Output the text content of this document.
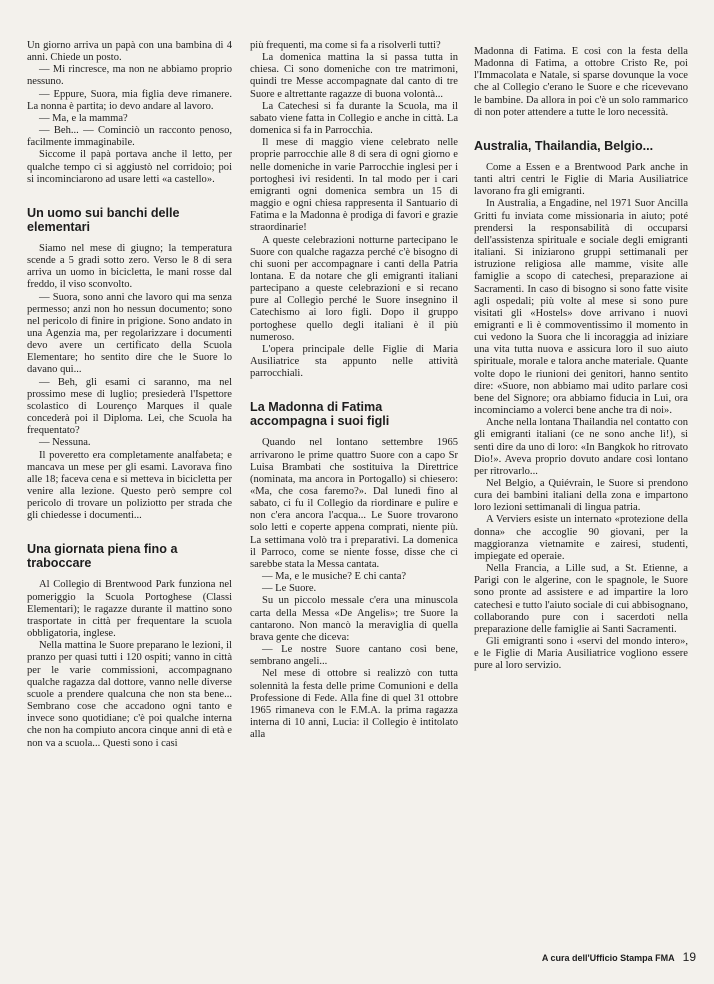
Un giorno arriva un papà con una bambina di 4 anni. Chiede un posto.

— Mi rincresce, ma non ne abbiamo proprio nessuno.

— Eppure, Suora, mia figlia deve rimanere. La nonna è partita; io devo andare al lavoro.

— Ma, e la mamma?

— Beh... — Cominciò un racconto penoso, facilmente immaginabile.

Siccome il papà portava anche il letto, per qualche tempo ci si aggiustò nel corridoio; poi si incominciarono ad usare letti «a castello».

Un uomo sui banchi delle elementari

Siamo nel mese di giugno; la temperatura scende a 5 gradi sotto zero. Verso le 8 di sera arriva un uomo in bicicletta, le mani rosse dal freddo, il viso sconvolto.

— Suora, sono anni che lavoro qui ma senza permesso; anzi non ho nessun documento; sono nel pericolo di finire in prigione. Sono andato in una Agenzia ma, per regolarizzare i documenti devo avere un certificato della Scuola Elementare; ho sentito dire che le Suore lo davano qui...

— Beh, gli esami ci saranno, ma nel prossimo mese di luglio; presiederà l'Ispettore scolastico di Lourenço Marques il quale concederà poi il Diploma. Lei, che Scuola ha frequentato?

— Nessuna.

Il poveretto era completamente analfabeta; e mancava un mese per gli esami. Lavorava fino alle 18; faceva cena e si metteva in bicicletta per venire alla lezione. Questo però sempre col pericolo di trovare un poliziotto per strada che gli chiedesse i documenti...

Una giornata piena fino a traboccare

Al Collegio di Brentwood Park funziona nel pomeriggio la Scuola Portoghese (Classi Elementari); le ragazze durante il mattino sono trasportate in città per frequentare la scuola obbligatoria, inglese.

Nella mattina le Suore preparano le lezioni, il pranzo per quasi tutti i 120 ospiti; vanno in città per le varie commissioni, accompagnano qualche ragazza dal dottore, vanno nelle diverse scuole a prendere qualcuna che non sta bene... Sembrano cose che accadono ogni tanto e invece sono quotidiane; c'è poi qualche interna che non ha compiuto ancora cinque anni di età e non va a scuola... Questi sono i casi

più frequenti, ma come si fa a risolverli tutti?

La domenica mattina la si passa tutta in chiesa. Ci sono domeniche con tre matrimoni, quindi tre Messe accompagnate dal canto di tre Suore e altrettante ragazze di buona volontà...

La Catechesi si fa durante la Scuola, ma il sabato viene fatta in Collegio e anche in città. La domenica si fa in Parrocchia.

Il mese di maggio viene celebrato nelle proprie parrocchie alle 8 di sera di ogni giorno e nelle domeniche in varie Parrocchie inglesi per i portoghesi ivi residenti. In tal modo per i cari emigranti ogni domenica sembra un 15 di maggio e ogni chiesa rappresenta il Santuario di Fatima e la Madonna è prodiga di favori e grazie straordinarie!

A queste celebrazioni notturne partecipano le Suore con qualche ragazza perché c'è bisogno di chi suoni per accompagnare i canti della Patria lontana. E da notare che gli emigranti italiani partecipano a queste celebrazioni e si recano pure al Collegio perché le Suore insegnino il Catechismo ai loro figli. Dopo il gruppo portoghese quello degli italiani è il più numeroso.

L'opera principale delle Figlie di Maria Ausiliatrice sta appunto nelle attività parrocchiali.

La Madonna di Fatima accompagna i suoi figli

Quando nel lontano settembre 1965 arrivarono le prime quattro Suore con a capo Sr Luisa Brambati che sostituiva la Direttrice (nominata, ma ancora in Portogallo) si chiesero: «Ma, che cosa faremo?». Dal lunedì fino al sabato, ci fu il Collegio da riordinare e pulire e non c'era ancora l'acqua... Le Suore trovarono solo letti e coperte appena comprati, niente più. La settimana volò tra i preparativi. La domenica il Parroco, come se niente fosse, disse che ci sarebbe stata la Messa cantata.

— Ma, e le musiche? E chi canta?

— Le Suore.

Su un piccolo messale c'era una minuscola carta della Messa «De Angelis»; tre Suore la cantarono. Non mancò la meraviglia di quella brava gente che diceva:

— Le nostre Suore cantano così bene, sembrano angeli...

Nel mese di ottobre si realizzò con tutta solennità la festa delle prime Comunioni e della Professione di Fede. Alla fine di quel 31 ottobre 1965 rimaneva con le F.M.A. la prima ragazza interna di 10 anni, Lucia: il Collegio è intitolato alla

Madonna di Fatima. E così con la festa della Madonna di Fatima, a ottobre Cristo Re, poi l'Immacolata e Natale, si sparse dovunque la voce che al Collegio c'erano le Suore e che ricevevano le bambine. Da allora in poi c'è un solo rammarico di non poter attendere a tutte le loro necessità.

Australia, Thailandia, Belgio...

Come a Essen e a Brentwood Park anche in tanti altri centri le Figlie di Maria Ausiliatrice lavorano fra gli emigranti.

In Australia, a Engadine, nel 1971 Suor Ancilla Gritti fu inviata come missionaria in aiuto; poté prendersi la responsabilità di occuparsi dell'assistenza spirituale e sociale degli emigranti italiani. Si iniziarono gruppi settimanali per istruzione religiosa alle mamme, visite alle famiglie a scopo di catechesi, preparazione ai Sacramenti. In caso di bisogno si sono fatte visite agli ospedali; più volte al mese si sono pure visitati gli «Hostels» dove arrivano i nuovi emigranti e lì è commoventissimo il momento in cui vedono la Suora che li incoraggia ad iniziare una vita tutta nuova e assicura loro il suo aiuto spirituale, morale e talora anche materiale. Quante volte dopo le riunioni dei genitori, hanno sentito dire: «Suore, non abbiamo mai udito parlare così bene del Signore; ora abbiamo fiducia in Lui, ora incominciamo a volerci bene anche tra di noi».

Anche nella lontana Thailandia nel contatto con gli emigranti italiani (ce ne sono anche lì!), si sentì dire da uno di loro: «In Bangkok ho ritrovato Dio!». Aveva proprio dovuto andare così lontano per ritrovarlo...

Nel Belgio, a Quiévrain, le Suore si prendono cura dei bambini italiani della zona e impartono loro lezioni settimanali di lingua patria.

A Verviers esiste un internato «protezione della donna» che accoglie 90 giovani, per la maggioranza vietnamite e zairesi, studenti, impiegate ed operaie.

Nella Francia, a Lille sud, a St. Etienne, a Parigi con le algerine, con le spagnole, le Suore sono pronte ad assistere e ad impartire la loro catechesi e tutto l'aiuto sociale di cui abbisognano, collaborando pure con i sacerdoti nella preparazione delle famiglie ai Santi Sacramenti.

Gli emigranti sono i «servi del mondo intero», e le Figlie di Maria Ausiliatrice vogliono essere pure al loro servizio.

A cura dell'Ufficio Stampa FMA 19
